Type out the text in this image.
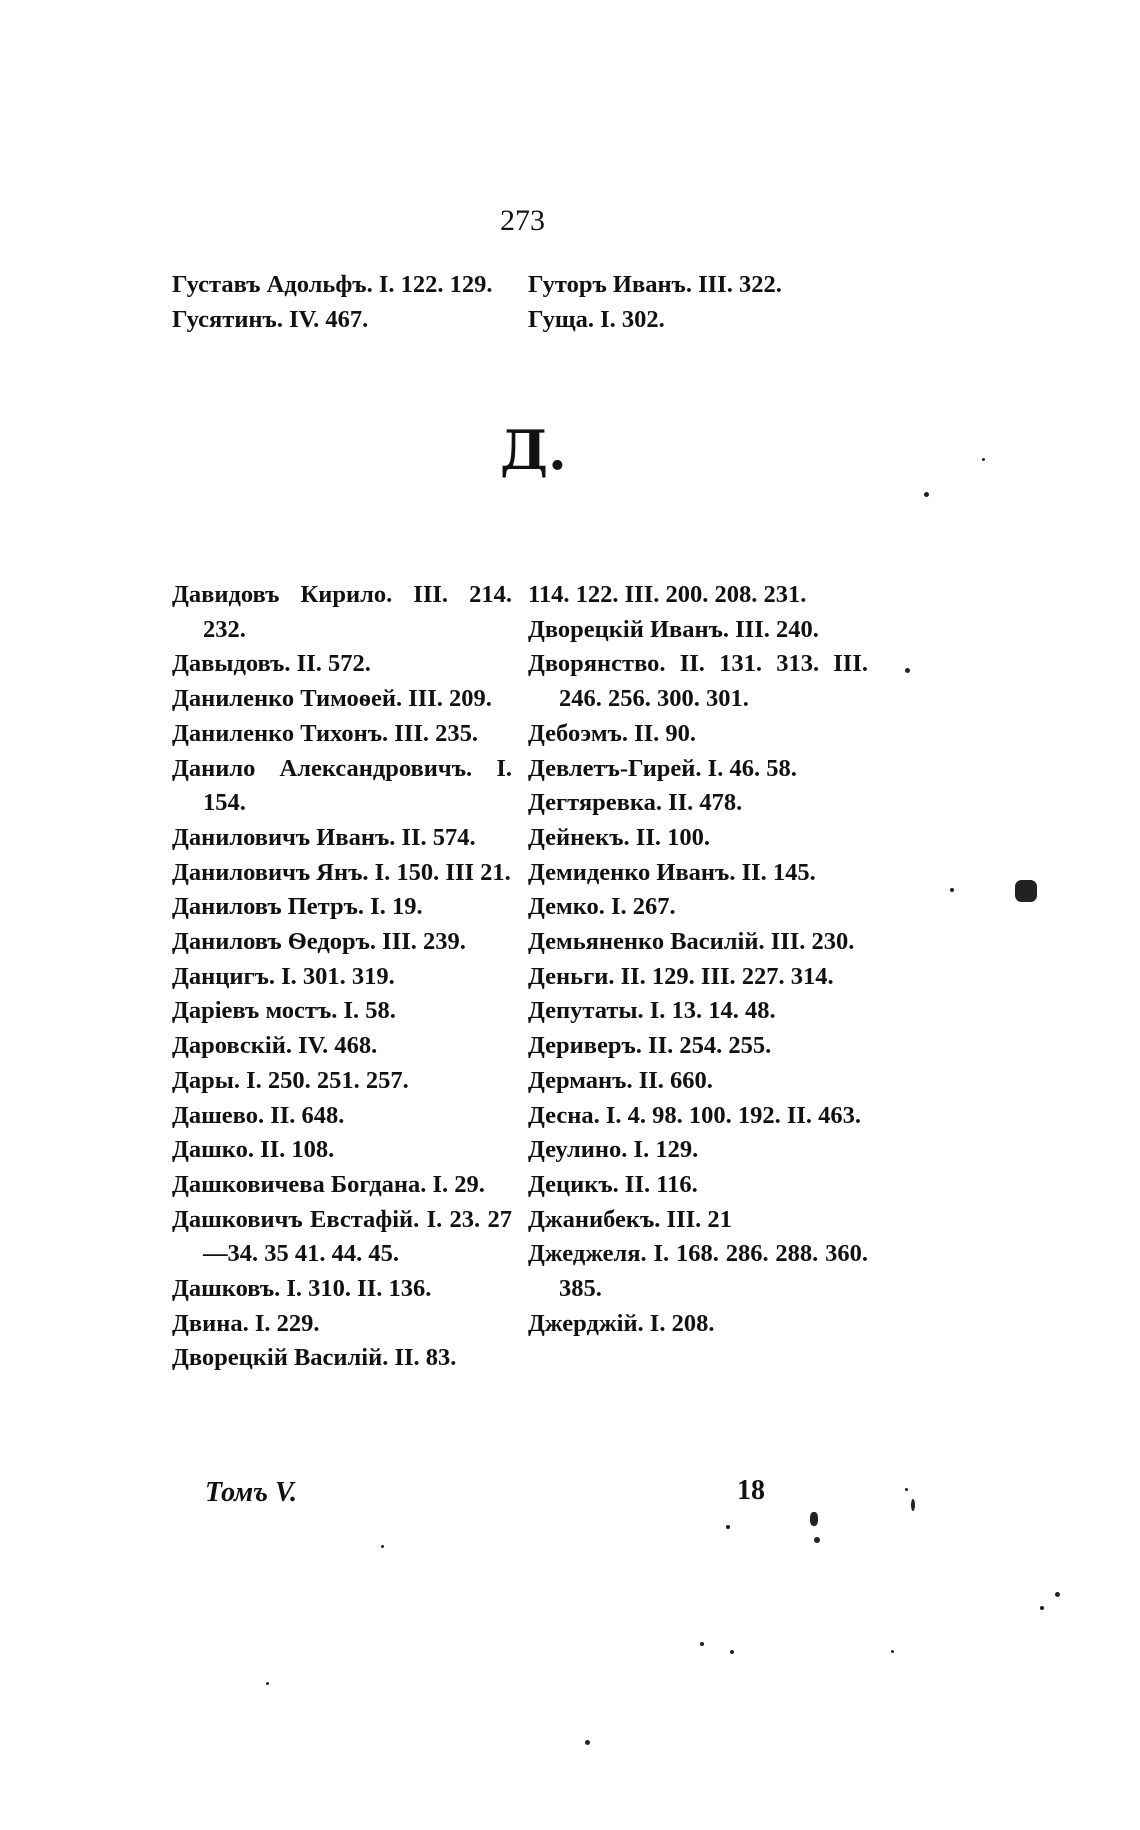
273
Густавъ Адольфъ. I. 122. 129.
Гусятинъ. IV. 467.
Гуторъ Иванъ. III. 322.
Гуща. I. 302.
Д.
Давидовъ Кирило. III. 214. 232.
Давыдовъ. II. 572.
Даниленко Тимоѳей. III. 209.
Даниленко Тихонъ. III. 235.
Данило Александровичъ. I. 154.
Даниловичъ Иванъ. II. 574.
Даниловичъ Янъ. I. 150. III 21.
Даниловъ Петръ. I. 19.
Даниловъ Ѳедоръ. III. 239.
Данцигъ. I. 301. 319.
Дарiевъ мостъ. I. 58.
Даровскiй. IV. 468.
Дары. I. 250. 251. 257.
Дашево. II. 648.
Дашко. II. 108.
Дашковичева Богдана. I. 29.
Дашковичъ Евстафiй. I. 23. 27—34. 35 41. 44. 45.
Дашковъ. I. 310. II. 136.
Двина. I. 229.
Дворецкiй Василiй. II. 83.
114. 122. III. 200. 208. 231.
Дворецкiй Иванъ. III. 240.
Дворянство. II. 131. 313. III. 246. 256. 300. 301.
Дебоэмъ. II. 90.
Девлетъ-Гирей. I. 46. 58.
Дегтяревка. II. 478.
Дейнекъ. II. 100.
Демиденко Иванъ. II. 145.
Демко. I. 267.
Демьяненко Василiй. III. 230.
Деньги. II. 129. III. 227. 314.
Депутаты. I. 13. 14. 48.
Деривеpъ. II. 254. 255.
Дерманъ. II. 660.
Десна. I. 4. 98. 100. 192. II. 463.
Деулино. I. 129.
Децикъ. II. 116.
Джанибекъ. III. 21
Джеджеля. I. 168. 286. 288. 360. 385.
Джерджiй. I. 208.
Томъ V.	18
